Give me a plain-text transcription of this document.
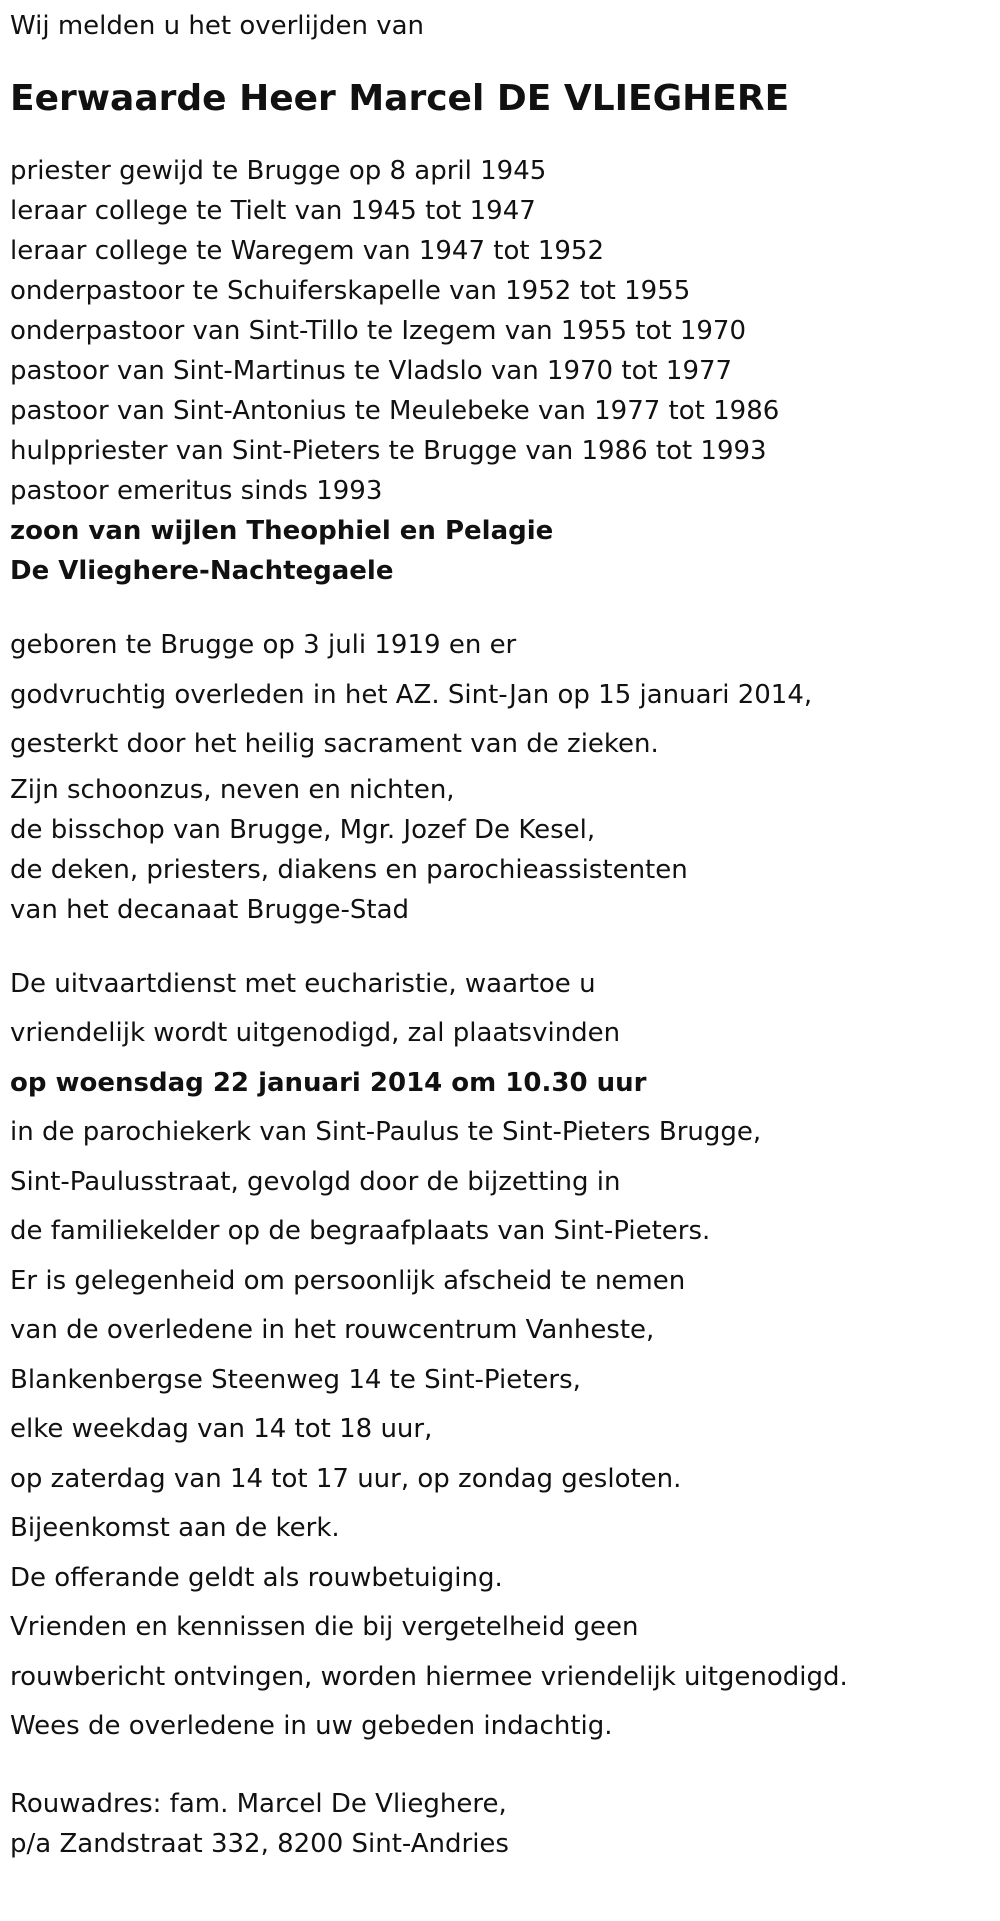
Wij melden u het overlijden van
Eerwaarde Heer Marcel DE VLIEGHERE
priester gewijd te Brugge op 8 april 1945
leraar college te Tielt van 1945 tot 1947
leraar college te Waregem van 1947 tot 1952
onderpastoor te Schuiferskapelle van 1952 tot 1955
onderpastoor van Sint-Tillo te Izegem van 1955 tot 1970
pastoor van Sint-Martinus te Vladslo van 1970 tot 1977
pastoor van Sint-Antonius te Meulebeke van 1977 tot 1986
hulppriester van Sint-Pieters te Brugge van 1986 tot 1993
pastoor emeritus sinds 1993
zoon van wijlen Theophiel en Pelagie
De Vlieghere-Nachtegaele
geboren te Brugge op 3 juli 1919 en er
godvruchtig overleden in het AZ. Sint-Jan op 15 januari 2014,
gesterkt door het heilig sacrament van de zieken.
Zijn schoonzus, neven en nichten,
de bisschop van Brugge, Mgr. Jozef De Kesel,
de deken, priesters, diakens en parochieassistenten
van het decanaat Brugge-Stad
De uitvaartdienst met eucharistie, waartoe u
vriendelijk wordt uitgenodigd, zal plaatsvinden
op woensdag 22 januari 2014 om 10.30 uur
in de parochiekerk van Sint-Paulus te Sint-Pieters Brugge,
Sint-Paulusstraat, gevolgd door de bijzetting in
de familiekelder op de begraafplaats van Sint-Pieters.
Er is gelegenheid om persoonlijk afscheid te nemen
van de overledene in het rouwcentrum Vanheste,
Blankenbergse Steenweg 14 te Sint-Pieters,
elke weekdag van 14 tot 18 uur,
op zaterdag van 14 tot 17 uur, op zondag gesloten.
Bijeenkomst aan de kerk.
De offerande geldt als rouwbetuiging.
Vrienden en kennissen die bij vergetelheid geen
rouwbericht ontvingen, worden hiermee vriendelijk uitgenodigd.
Wees de overledene in uw gebeden indachtig.
Rouwadres: fam. Marcel De Vlieghere,
p/a Zandstraat 332, 8200 Sint-Andries
